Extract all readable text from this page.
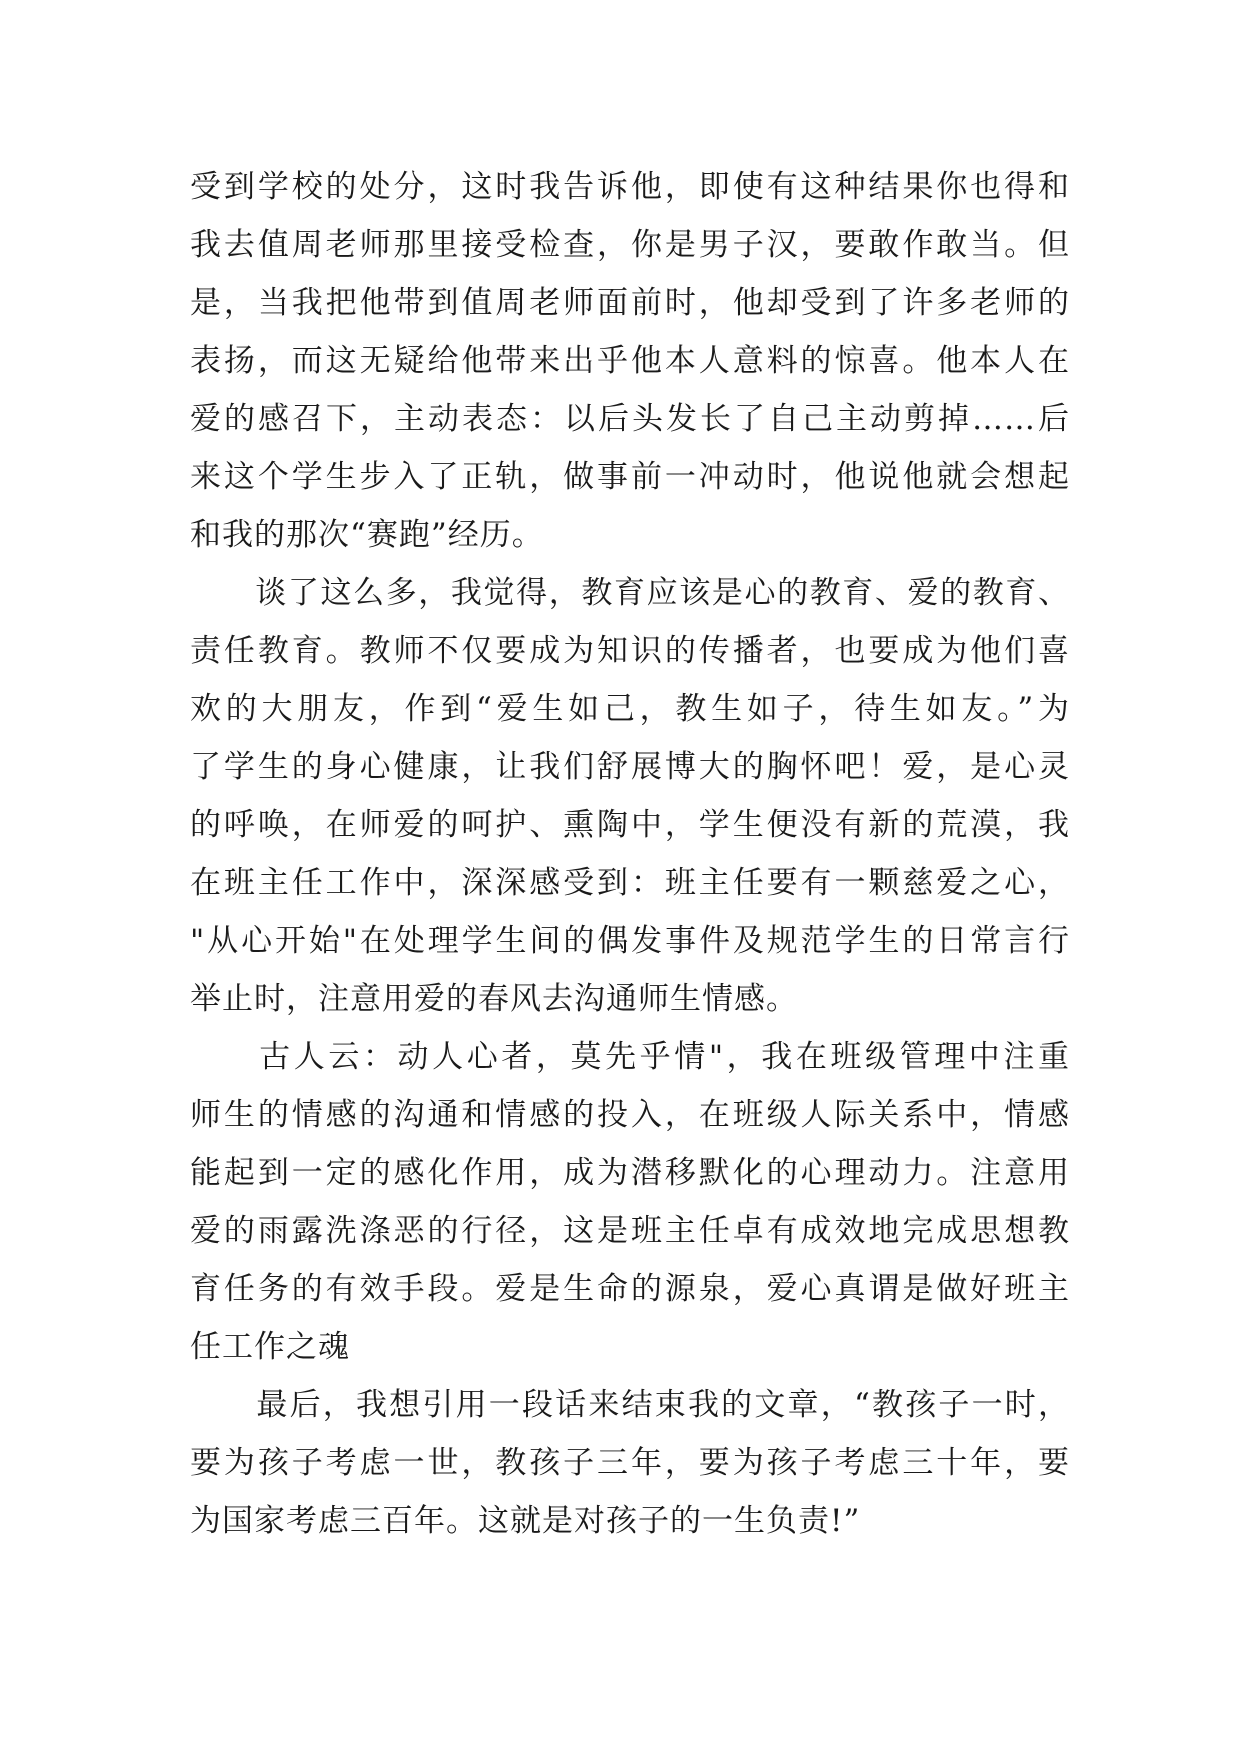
受到学校的处分，这时我告诉他，即使有这种结果你也得和
我去值周老师那里接受检查，你是男子汉，要敢作敢当。但
是，当我把他带到值周老师面前时，他却受到了许多老师的
表扬，而这无疑给他带来出乎他本人意料的惊喜。他本人在
爱的感召下，主动表态：以后头发长了自己主动剪掉……后
来这个学生步入了正轨，做事前一冲动时，他说他就会想起
和我的那次“赛跑”经历。
　　谈了这么多，我觉得，教育应该是心的教育、爱的教育、
责任教育。教师不仅要成为知识的传播者，也要成为他们喜
欢的大朋友，作到“爱生如己，教生如子，待生如友。”为
了学生的身心健康，让我们舒展博大的胸怀吧！爱，是心灵
的呼唤，在师爱的呵护、熏陶中，学生便没有新的荒漠，我
在班主任工作中，深深感受到：班主任要有一颗慈爱之心，
"从心开始"在处理学生间的偶发事件及规范学生的日常言行
举止时，注意用爱的春风去沟通师生情感。
　　古人云：动人心者，莫先乎情"，我在班级管理中注重
师生的情感的沟通和情感的投入，在班级人际关系中，情感
能起到一定的感化作用，成为潜移默化的心理动力。注意用
爱的雨露洗涤恶的行径，这是班主任卓有成效地完成思想教
育任务的有效手段。爱是生命的源泉，爱心真谓是做好班主
任工作之魂
　　最后，我想引用一段话来结束我的文章，“教孩子一时，
要为孩子考虑一世，教孩子三年，要为孩子考虑三十年，要
为国家考虑三百年。这就是对孩子的一生负责!”
